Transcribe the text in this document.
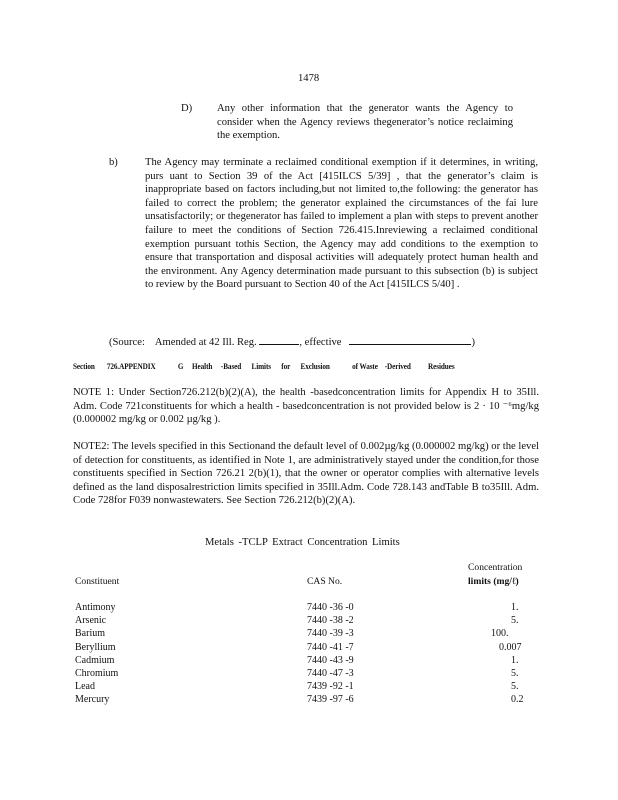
1478
D) Any other information that the generator wants the Agency to consider when the Agency reviews thegenerator’s notice reclaiming the exemption.
b)	The Agency may terminate a reclaimed conditional exemption if it determines, in writing, purs uant to Section 39 of the Act [415ILCS 5/39] , that the generator’s claim is inappropriate based on factors including,but not limited to,the following: the generator has failed to correct the problem; the generator explained the circumstances of the fai lure unsatisfactorily; or thegenerator has failed to implement a plan with steps to prevent another failure to meet the conditions of Section 726.415.Inreviewing a reclaimed conditional exemption pursuant tothis Section, the Agency may add conditions to the exemption to ensure that transportation and disposal activities will adequately protect human health and the environment. Any Agency determination made pursuant to this subsection (b) is subject to review by the Board pursuant to Section 40 of the Act [415ILCS 5/40] .
(Source: Amended at 42 Ill. Reg.	, effective	)
Section 726.APPENDIX	G Health -Based Limits for Exclusion	of Waste -Derived Residues
NOTE 1: Under Section726.212(b)(2)(A), the health -basedconcentration limits for Appendix H to 35Ill. Adm. Code 721constituents for which a health - basedconcentration is not provided below is 2 · 10 ⁻⁶mg/kg (0.000002 mg/kg or 0.002 µg/kg ).
NOTE2: The levels specified in this Sectionand the default level of 0.002µg/kg (0.000002 mg/kg) or the level of detection for constituents, as identified in Note 1, are administratively stayed under the condition,for those constituents specified in Section 726.21 2(b)(1), that the owner or operator complies with alternative levels defined as the land disposalrestriction limits specified in 35Ill.Adm. Code 728.143 andTable B to35Ill. Adm. Code 728for F039 nonwastewaters. See Section 726.212(b)(2)(A).
Metals -TCLP Extract Concentration Limits
Constituent	CAS No.
Concentration
limits (mg/ℓ)
Antimony	7440 -36 -0	1.
Arsenic	7440 -38 -2	5.
Barium	7440 -39 -3	100.
Beryllium	7440 -41 -7	0.007
Cadmium	7440 -43 -9	1.
Chromium	7440 -47 -3	5.
Lead	7439 -92 -1	5.
Mercury	7439 -97 -6	0.2
